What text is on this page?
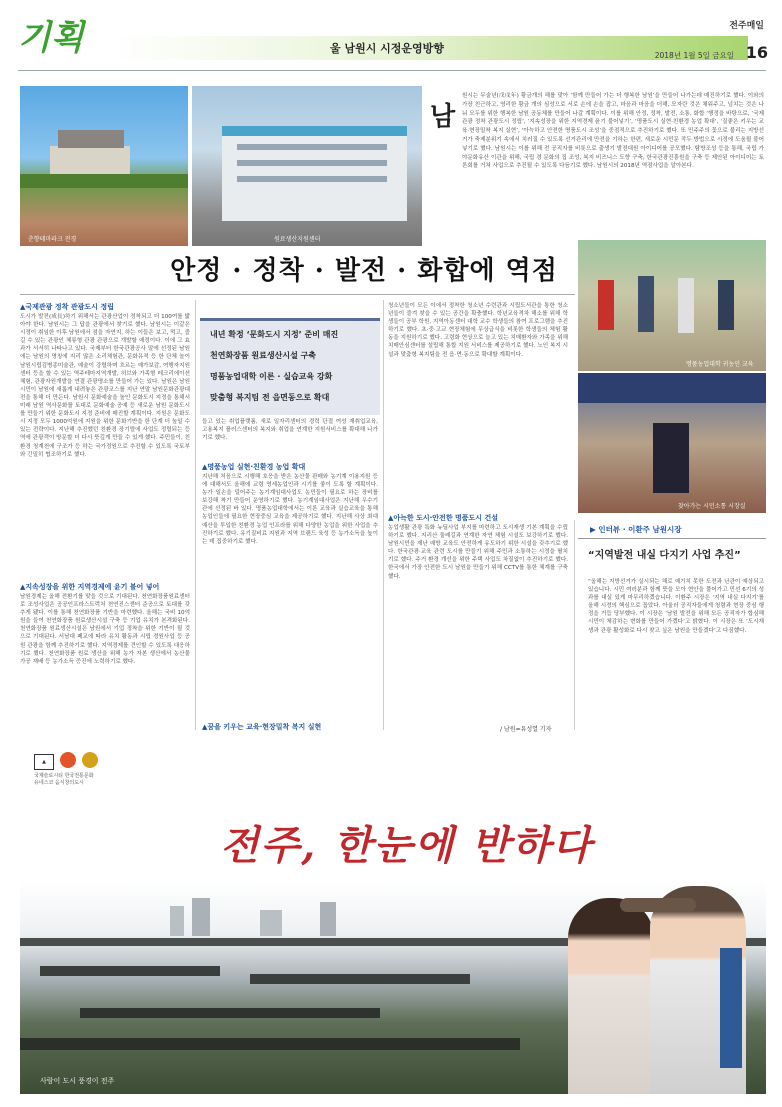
기획	울 남원시 시정운영방향
전주매일
2018년 1월 5일 금요일 16
춘향테마파크 전경	원료생산지원센터
남
원시는 무술년(戊戌年) 황금개의 해를 맞아 ‘함께 만들어 가는 더 행복한 남원’을 만들어 나가는데 매진하기로 했다. 이와의 가장 친근하고, 영리한 황금 개의 심성으로 서로 손에 손을 잡고, 마음과 마음을 더해, 모자란 것은 채워주고, 넘치는 것은 나눠 모두를 위한 행복한 남원 공동체를 만들어 나갈 계획이다. 이를 위해 안정, 정착, 발전, 소통, 화합 ‘행정을 바탕으로, ‘국제관광 정착 관광도시 정립’, ‘지속성장을 위한 지역경제 윤기 불어넣기’, ‘명품도시 실현·친환경 농업 확대’, ‘질좋은 키우는 교육·현장밀착 복지 실현’, ‘아늑하고 안전한 명품도시 조성’을 중점적으로 추진하기로 했다. 또 민주주의 꽃으로 불리는 지방선거가 축제분위기 속에서 치러질 수 있도록 선거관리에 만전을 기하는 한편, 새로운 시민문 작두 방법으로 시정에 도움될 불어넣기로 했다. 남원시는 이를 위해 전 공직자를 비롯으로 출생기 발전대원 아이디어를 공모했다. 탐방조성 등을 통해, 국립 가야문화유산 이관을 위해, 국립 경 문화의 집 조성, 복지 비즈니스 도향 구축, 한국관광진흥원을 구축 등 제안된 아이디어는 토론회를 거쳐 사업으로 추진될 수 있도록 다듬기로 했다. 남원시의 2018년 역점사업을 알아본다.
안정 · 정착 · 발전 · 화합에 역점
명품농업대학 귀농인 교육
찾아가는 시민소통 시장실
내년 확정 ‘문화도시 지정’ 준비 매진
천연화장품 원료생산시설 구축
명품농업대학 이론 · 실습교육 강화
맞춤형 복지팀 전 읍면동으로 확대
▲국제관광 정착 관광도시 정립
도시가 발전(成長)하기 위해서는 관광산업이 정착되고 더 100여를 밟아야 한다. 남원시는 그 답을 관광에서 찾기로 했다. 남원시는 이같은 시정이 취임한 이후 남원에서 점을 자연지, 하는 이들은 보고, 먹고, 즐길 수 있는 관광인 체류형 관광 관광으로 개발할 예정이다. 이에 그 효과가 서서히 나타나고 있다. 국제부터 한국관광공사 말에 선정된 남원에는 남원의 명칭에 지리 많은 소리체험관, 문화유적 등 한 단체 놀이 남원시립김병종미술관, 예술이 강렬하며 흐르는 예가보감, 여행자지원센터 등을 할 수 있는 역주테마지역개발, 허브와 가족형 레크리에이션체험, 관광자원개발을 연결 관광명소를 만들어 가는 있다. 남원은 남원시민이 남원에 새롭게 내려놓은 관광코스를 지난 연말 남원문화관광대전을 통해 더 만든다. 남원시 문화예술을 높인 문화도시 지정을 통해서 미래 남원 역사문화를 토대로 문화예술·공예 등 새로운 남원 문화도시를 만들기 위한 문화도시 지정 준비에 매진할 계획이다. 지원은 문화도시 지정 모두 1000억원에 지원을 위한 문화기반을 한 단계 더 높일 수 있는 전략이다. 지난해 추진했던 친환경 장기렬에 사업도 정렬되는 등 역에 관광객이 방문할 더 다시 뜻깊게 만들 수 있게 했다. 주민들이, 친환경 청계천에 구조가 등 하는 국가정원으로 추진할 수 있도록 국토부와 긴밀히 협조하기로 했다.
▲지속성장을 위한 지역경제에 윤기 불어 넣어
남원경제는 올해 전환기를 맞을 것으로 기대된다. 천연화장품원료센터로 조성사업은 공공인프라스트럭처 천연진스센터 준공으로 토대를 갖추게 됐다. 이를 통해 천연화장품 기반을 마련했다. 올해는 국비 10억원을 들여 천연화장품 원료생산시설 구축 등 기업 유치가 본격화된다. 천연화장품 원료생산시설은 남원에서 기업 정착을 위한 기반이 될 것으로 기대된다. 서남대 폐교에 따라 유치 활동과 시립 정원사업 등 공원 관광을 함께 추진하기로 했다. 지역경제를 견인할 수 있도록 대응하기로 했다. 천연화장품 원료 생산을 위해 농가 자본 생산에서 농산물 가공 재배 등 농가소득 증진에 노력하기로 했다.
들고 있는 취업플랫폼, 새로 일자리센터의 경력 단절 여성 재취업교육, 고용복지 플러스센터의 복지와 취업을 연계한 지원서비스를 확대해 나가기로 했다.
▲명품농업 실현·친환경 농업 확대
지난해 처음으로 시행해 호응을 받은 농산물 판매와 농기계 이용지원 등에 대해서도 올해에 교령 영세농업인과 시기를 좋이 도록 할 계획이다. 농가 일손을 덜어주는 농기계임대사업도 농민들이 필요로 하는 장비를 보강해 착기 만들어 운영하기로 했다. 농기계임대사업은 지난해 우수기관에 선정된 바 있다. 명품농업대학에서는 이론 교육과 실습교육을 통해 농업인들에 필요한 현장중심 교육을 제공하기로 했다. 지난해 사상 최대 예산을 투입한 친환경 농업 인프라를 위해 다양한 농업을 위한 사업을 추진하기로 했다. 유기질비료 지원과 지역 브랜드 육성 등 농가소득을 높이는 데 집중하기로 했다.
▲꿈을 키우는 교육·현장밀착 복지 실현
청소년들이 모든 이에서 정착한 청소년 수련관과 시립도서관을 통한 청소년들이 즐겨 찾을 수 있는 공간을 확충했다. 학년교육격차 해소를 위해 학생들이 공부 학원, 지역아동센터 대학 교수 학생들의 참여 프로그램을 추진하기로 했다. 초·중·고교 현장체험에 무상급식을 비롯한 학생들의 체험 활동을 지원하기로 했다. 고령화 현상으로 늘고 있는 치매환자와 가족을 위해 치매안심센터를 설립해 통합 지원 서비스를 제공하기로 했다. 노인 복지 시설과 맞춤형 복지팀을 전 읍·면·동으로 확대할 계획이다.
▲아늑한 도시·안전한 명품도시 건설
농업생활 관광 특화 뉴딜사업 부지를 마련하고 도시재생 기본 계획을 수립하기로 했다. 지리산 둘레길과 연계한 자연 체험 시설도 보강하기로 했다. 남원시민을 재난 예방 교육도 안전하게 유도하기 위한 시설을 갖추기로 했다. 한국관광·교육 관련 도시를 만들기 위해 주민과 소통하는 시정을 펼치기로 했다. 주거 환경 개선을 위한 주택 사업도 차질없이 추진하기로 했다. 한국에서 가장 안전한 도시 남원을 만들기 위해 CCTV를 통한 체계를 구축했다.
/ 남원=유성열 기자
▶ 인터뷰 · 이환주 남원시장
“지역발전 내실 다지기 사업 추진”
“올해는 지방선거가 실시되는 해로 예기치 못한 도전과 난관이 예상되고 있습니다. 시민 여러분과 함께 뜻을 모아 현안을 풀어가고 민선 6기의 성과를 내실 있게 마무리하겠습니다. 이환주 시장은 ‘지역 내실 다지기’를 올해 시정의 핵심으로 꼽았다. 아울러 공직자들에게 청렴과 현장 중심 행정을 거듭 당부했다. 이 시장은 ‘남원 발전을 위해 모든 공직자가 합심해 시민이 체감하는 변화를 만들어 가겠다’고 밝혔다. 이 시장은 또 ‘도시재생과 관광 활성화로 다시 찾고 싶은 남원을 만들겠다’고 다짐했다.
▲
국제슬로시티 한국전통문화
유네스코 음식창의도시
전주, 한눈에 반하다
사람이 도시 풍경이 전주
